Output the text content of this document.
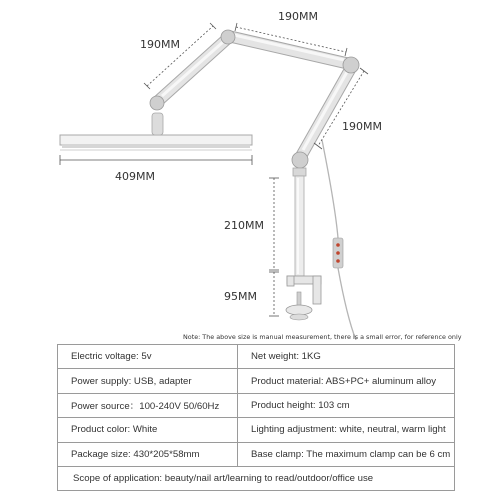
409MM
190MM
190MM
190MM
210MM
95MM
Note: The above size is manual measurement, there is a small error, for reference only
Electric voltage: 5v	Net weight: 1KG
Power supply: USB, adapter	Product material: ABS+PC+ aluminum alloy
Power source：100-240V 50/60Hz	Product height: 103 cm
Product color: White	Lighting adjustment: white, neutral, warm light
Package size: 430*205*58mm	Base clamp: The maximum clamp can be 6 cm
Scope of application: beauty/nail art/learning to read/outdoor/office use	
